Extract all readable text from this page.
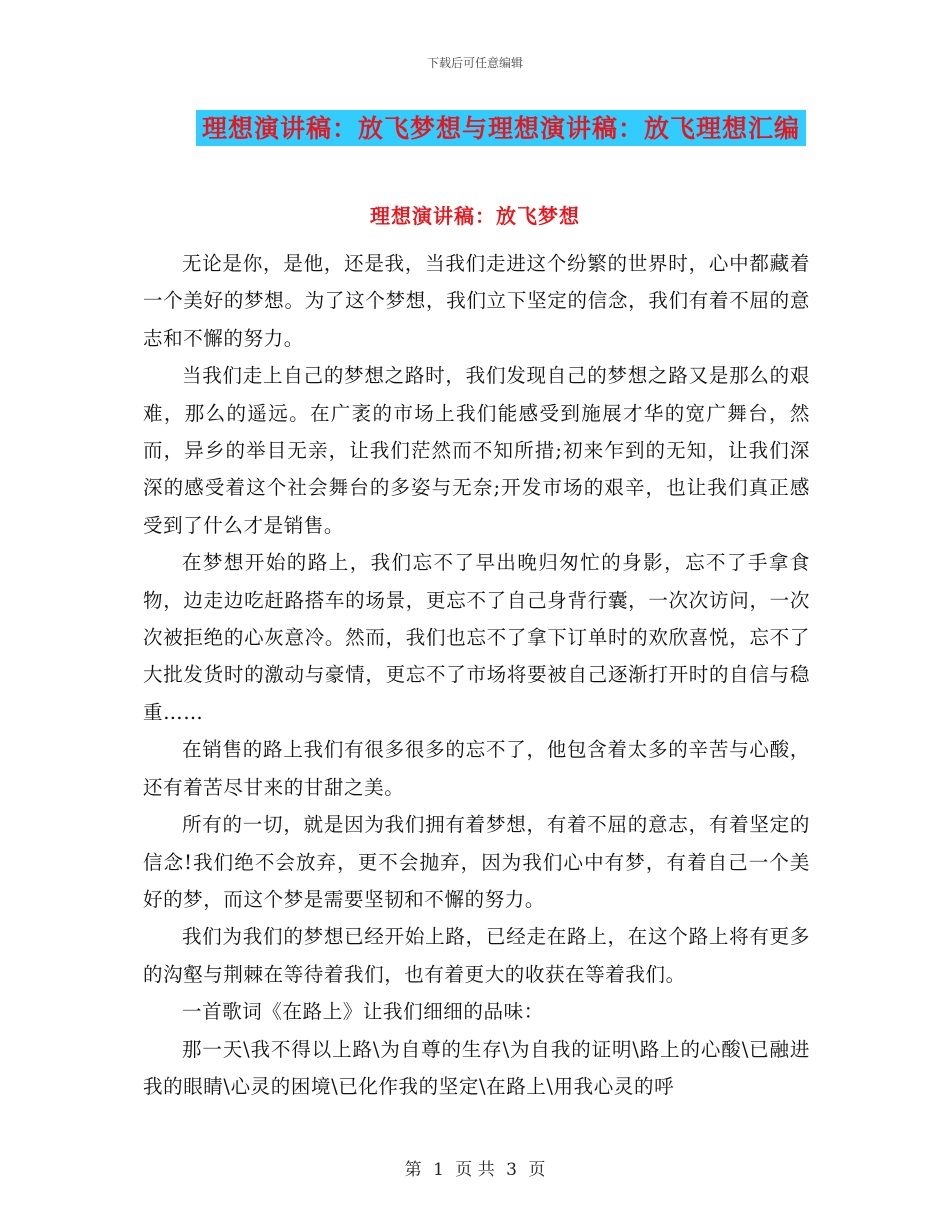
下载后可任意编辑
理想演讲稿：放飞梦想与理想演讲稿：放飞理想汇编
理想演讲稿：放飞梦想

无论是你，是他，还是我，当我们走进这个纷繁的世界时，心中都藏着一个美好的梦想。为了这个梦想，我们立下坚定的信念，我们有着不屈的意志和不懈的努力。

当我们走上自己的梦想之路时，我们发现自己的梦想之路又是那么的艰难，那么的遥远。在广袤的市场上我们能感受到施展才华的宽广舞台，然而，异乡的举目无亲，让我们茫然而不知所措;初来乍到的无知，让我们深深的感受着这个社会舞台的多姿与无奈;开发市场的艰辛，也让我们真正感受到了什么才是销售。

在梦想开始的路上，我们忘不了早出晚归匆忙的身影，忘不了手拿食物，边走边吃赶路搭车的场景，更忘不了自己身背行囊，一次次访问，一次次被拒绝的心灰意冷。然而，我们也忘不了拿下订单时的欢欣喜悦，忘不了大批发货时的激动与豪情，更忘不了市场将要被自己逐渐打开时的自信与稳重……

在销售的路上我们有很多很多的忘不了，他包含着太多的辛苦与心酸，还有着苦尽甘来的甘甜之美。

所有的一切，就是因为我们拥有着梦想，有着不屈的意志，有着坚定的信念!我们绝不会放弃，更不会抛弃，因为我们心中有梦，有着自己一个美好的梦，而这个梦是需要坚韧和不懈的努力。

我们为我们的梦想已经开始上路，已经走在路上，在这个路上将有更多的沟壑与荆棘在等待着我们，也有着更大的收获在等着我们。

一首歌词《在路上》让我们细细的品味：

那一天\我不得以上路\为自尊的生存\为自我的证明\路上的心酸\已融进我的眼睛\心灵的困境\已化作我的坚定\在路上\用我心灵的呼

第 1 页 共 3 页
